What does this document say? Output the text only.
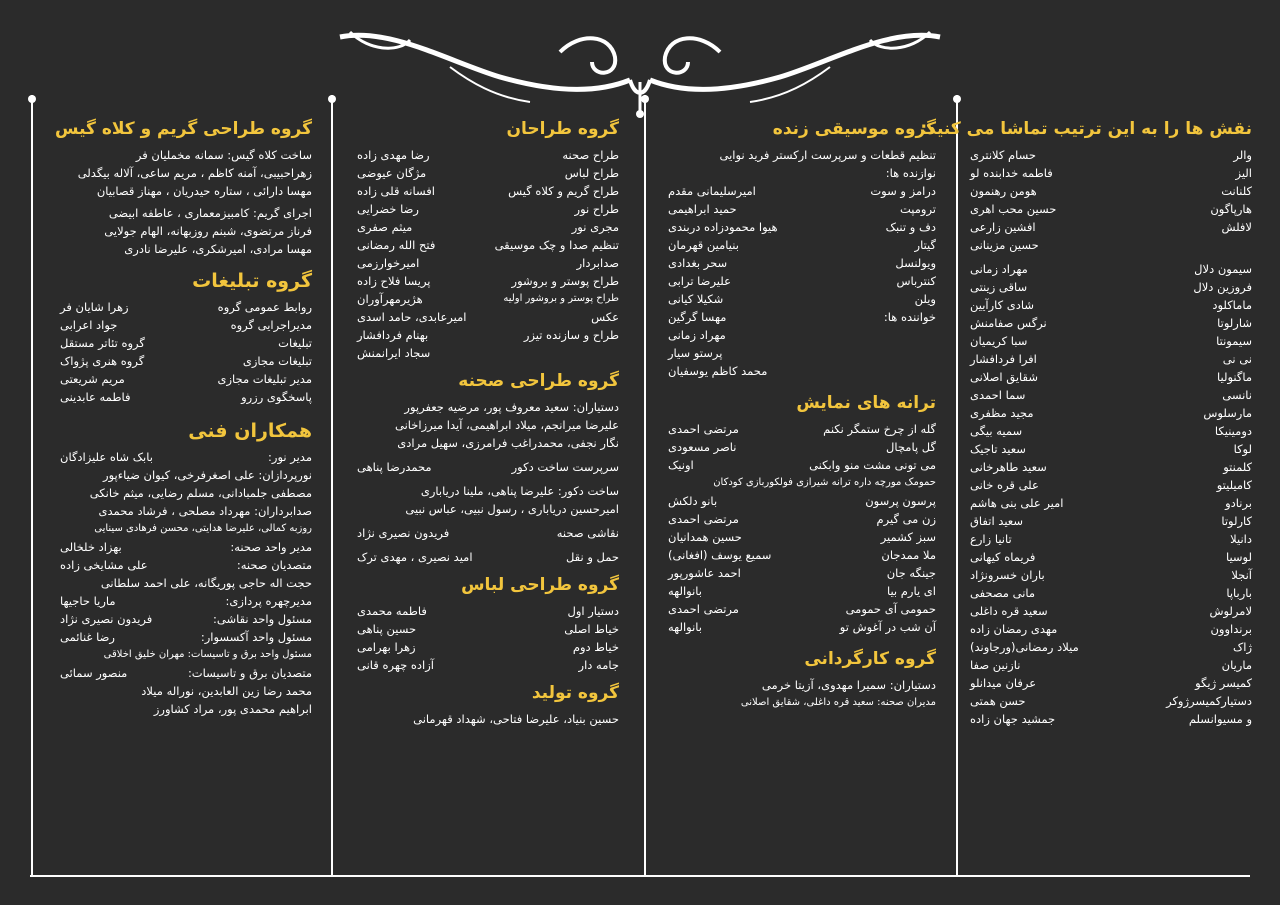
نقش ها را به این ترتیب تماشا می کنید:
والر
حسام کلانتری
الیز
فاطمه خدابنده لو
کلنانت
هومن رهنمون
هارپاگون
حسین محب اهری
لافلش
افشین زارعی
حسین مزینانی
سیمون دلال
مهراد زمانی
فروزین دلال
ساقی زینتی
ماماکلود
شادی کارآیین
شارلوتا
نرگس صفامنش
سیمونتا
سبا کریمیان
نی نی
افرا فردافشار
ماگنولیا
شقایق اصلانی
نانسی
سما احمدی
مارسلوس
مجید مظفری
دومینیکا
سمیه بیگی
لوکا
سعید تاجیک
کلمنتو
سعید طاهرخانی
کامیلیتو
علی قره خانی
برنادو
امیر علی بنی هاشم
کارلوتا
سعید اتفاق
دانیلا
تانیا زارع
لوسیا
فریماه کیهانی
آنجلا
باران خسرونژاد
بارباپا
مانی مصحفی
لامرلوش
سعید قره داغلی
برنداوون
مهدی رمضان زاده
ژاک
میلاد رمضانی(ورجاوند)
ماریان
نازنین صفا
کمیسر ژیگو
عرفان میدانلو
دستیارکمیسرژوکر
حسن همتی
و مسیوانسلم
جمشید جهان زاده
گروه موسیقی زنده
تنظیم قطعات و سرپرست ارکستر فرید نوایی
نوازنده ها:
درامز و سوت
امیرسلیمانی مقدم
ترومپت
حمید ابراهیمی
دف و تنبک
هیوا محمودزاده دربندی
گیتار
بنیامین قهرمان
ویولنسل
سحر بغدادی
کنترباس
علیرضا ترابی
ویلن
شکیلا کیانی
خواننده ها:
مهسا گرگین
مهراد زمانی
پرستو سیار
محمد کاظم یوسفیان
ترانه های نمایش
گله از چرخ ستمگر نکنم
مرتضی احمدی
گل پامچال
ناصر مسعودی
می تونی مشت منو وابکنی
اونیک
حمومک مورچه داره ترانه شیرازی فولکوربازی کودکان
پرسون پرسون
بانو دلکش
زن می گیرم
مرتضی احمدی
سبز کشمیر
حسین همدانیان
ملا ممدجان
سمیع یوسف (افغانی)
جینگه جان
احمد عاشورپور
ای یارم بیا
بانوالهه
حمومی آی حمومی
مرتضی احمدی
آن شب در آغوش تو
بانوالهه
گروه کارگردانی
دستیاران: سمیرا مهدوی، آزیتا خرمی
مدیران صحنه: سعید قره داغلی، شقایق اصلانی
گروه طراحان
طراح صحنه
رضا مهدی زاده
طراح لباس
مژگان عیوضی
طراح گریم و کلاه گیس
افسانه قلی زاده
طراح نور
رضا خضرایی
مجری نور
میثم صفری
تنظیم صدا و چک موسیقی
فتح الله رمضانی
صدابردار
امیرخوارزمی
طراح پوستر و بروشور
پریسا فلاح زاده
طراح پوستر و بروشور اولیه
هژیرمهرآوران
عکس
امیرعابدی، حامد اسدی
طراح و سازنده تیزر
بهنام فردافشار
سجاد ایرانمنش
گروه طراحی صحنه
دستیاران: سعید معروف پور، مرضیه جعفرپور
علیرضا میرانجم، میلاد ابراهیمی، آیدا میرزاخانی
نگار نجفی، محمدراغب فرامرزی، سهیل مرادی
سرپرست ساخت دکور
محمدرضا پناهی
ساخت دکور: علیرضا پناهی، ملینا دریاباری
امیرحسین دریاباری ، رسول نبیی، عباس نبیی
نقاشی صحنه
فریدون نصیری نژاد
حمل و نقل
امید نصیری ، مهدی ترک
گروه طراحی لباس
دستیار اول
فاطمه محمدی
خیاط اصلی
حسین پناهی
خیاط دوم
زهرا بهرامی
جامه دار
آزاده چهره قانی
گروه تولید
حسین بنیاد، علیرضا فتاحی، شهداد قهرمانی
گروه طراحی گریم و کلاه گیس
ساخت کلاه گیس: سمانه مخملیان فر
زهراحبیبی، آمنه کاظم ، مریم ساعی، آلاله بیگدلی
مهسا دارائی ، ستاره حیدریان ، مهناز قصابیان
اجرای گریم: کامبیزمعماری ، عاطفه ابیضی
فرناز مرتضوی، شبنم روزبهانه، الهام جولایی
مهسا مرادی، امیرشکری، علیرضا نادری
گروه تبلیغات
روابط عمومی گروه
زهرا شایان فر
مدیراجرایی گروه
جواد اعرابی
تبلیغات
گروه تئاتر مستقل
تبلیغات مجازی
گروه هنری پژواک
مدیر تبلیغات مجازی
مریم شریعتی
پاسخگوی رزرو
فاطمه عابدینی
همکاران فنی
مدیر نور:
بابک شاه علیزادگان
نورپردازان: علی اصغرفرخی، کیوان ضیاءپور
مصطفی جلمبادانی، مسلم رضایی، میثم خانکی
صدابرداران: مهرداد مصلحی ، فرشاد محمدی
روزبه کمالی، علیرضا هدایتی، محسن فرهادی سینایی
مدیر واحد صحنه:
بهزاد خلخالی
متصدیان صحنه:
علی مشایخی زاده
حجت اله حاجی پوریگانه، علی احمد سلطانی
مدیرچهره پردازی:
ماریا حاجیها
مسئول واحد نقاشی:
فریدون نصیری نژاد
مسئول واحد آکسسوار:
رضا غنائمی
مسئول واحد برق و تاسیسات: مهران خلیق اخلاقی
متصدیان برق و تاسیسات:
منصور سمائی
محمد رضا زین العابدین، نوراله میلاد
ابراهیم محمدی پور، مراد کشاورز
